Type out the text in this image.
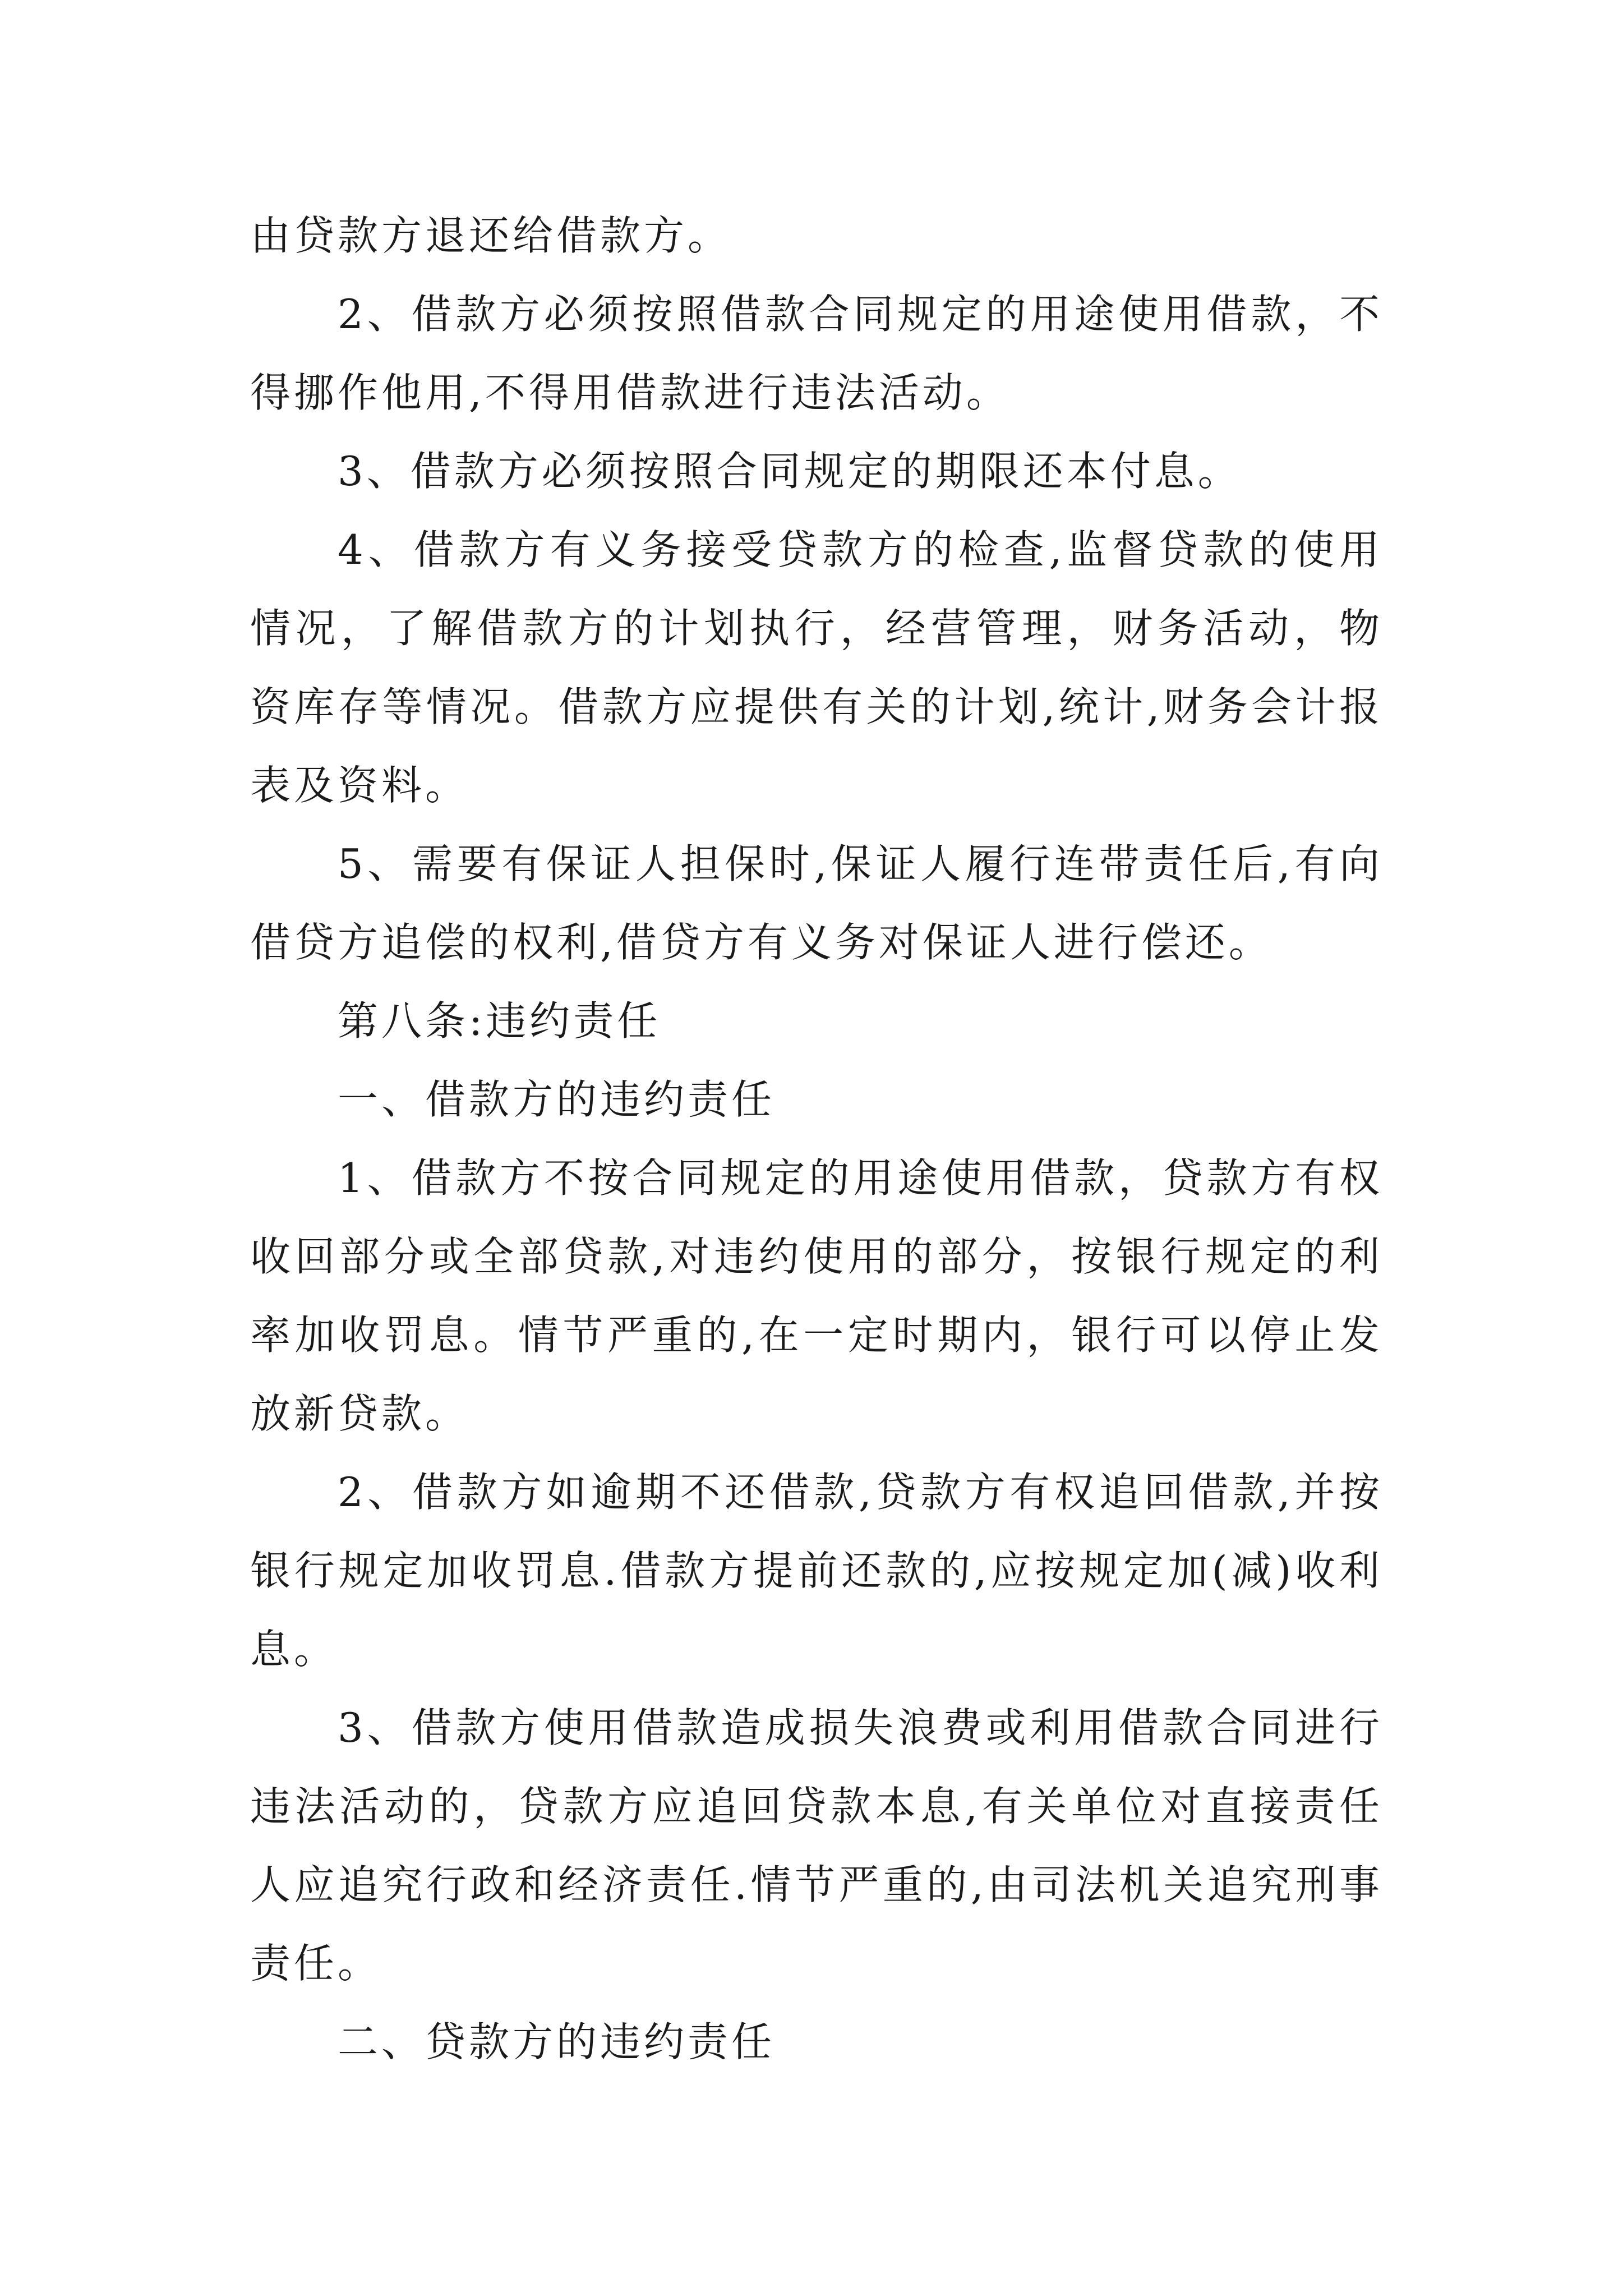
由贷款方退还给借款方。

2、借款方必须按照借款合同规定的用途使用借款，不得挪作他用,不得用借款进行违法活动。

3、借款方必须按照合同规定的期限还本付息。

4、借款方有义务接受贷款方的检查,监督贷款的使用情况，了解借款方的计划执行，经营管理，财务活动，物资库存等情况。借款方应提供有关的计划,统计,财务会计报表及资料。

5、需要有保证人担保时,保证人履行连带责任后,有向借贷方追偿的权利,借贷方有义务对保证人进行偿还。

第八条:违约责任

一、借款方的违约责任

1、借款方不按合同规定的用途使用借款，贷款方有权收回部分或全部贷款,对违约使用的部分，按银行规定的利率加收罚息。情节严重的,在一定时期内，银行可以停止发放新贷款。

2、借款方如逾期不还借款,贷款方有权追回借款,并按银行规定加收罚息.借款方提前还款的,应按规定加(减)收利息。

3、借款方使用借款造成损失浪费或利用借款合同进行违法活动的，贷款方应追回贷款本息,有关单位对直接责任人应追究行政和经济责任.情节严重的,由司法机关追究刑事责任。

二、贷款方的违约责任
